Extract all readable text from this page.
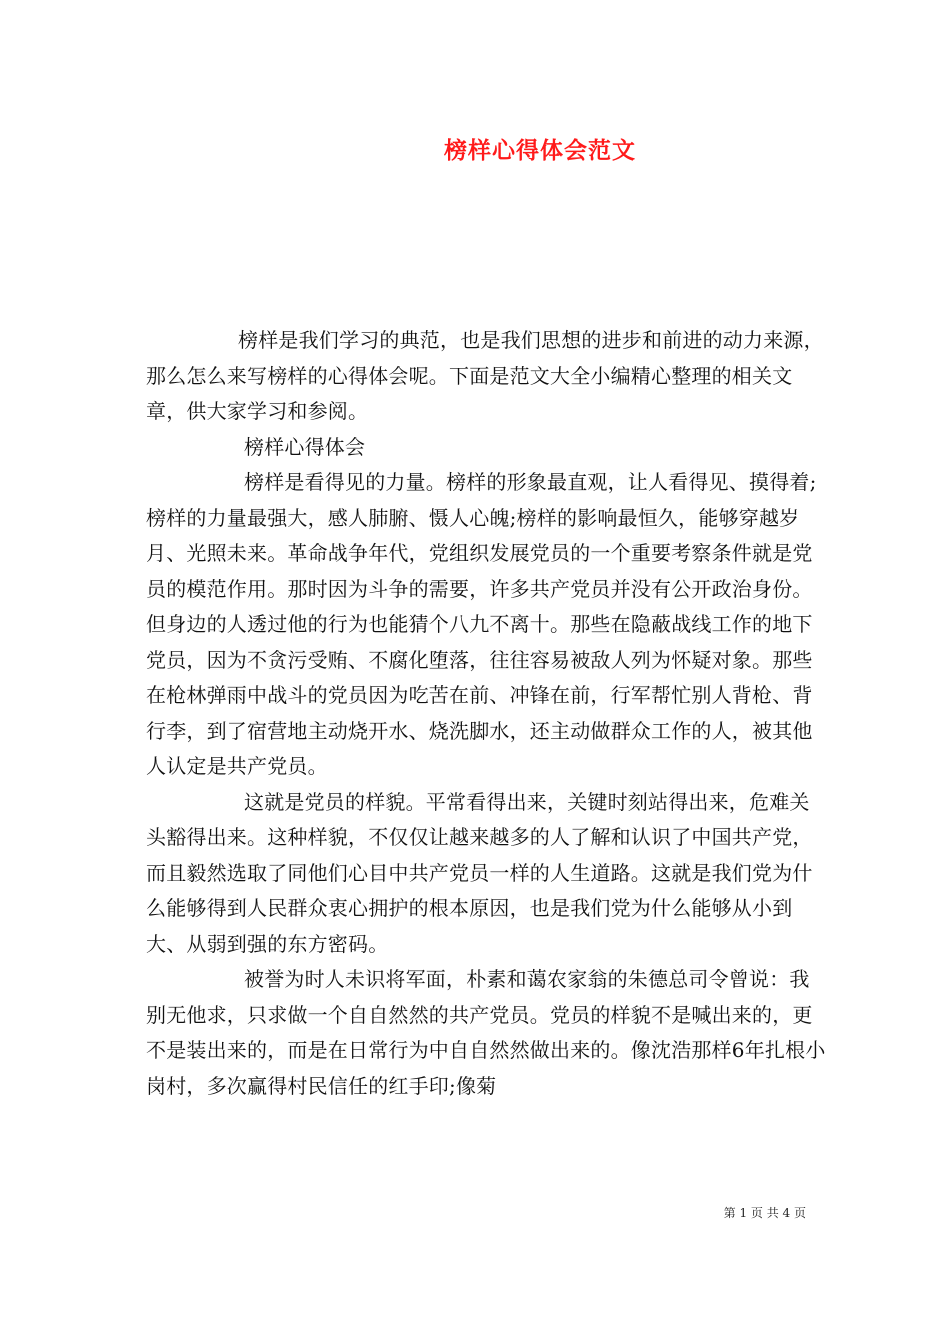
榜样心得体会范文

榜样是我们学习的典范，也是我们思想的进步和前进的动力来源，那么怎么来写榜样的心得体会呢。下面是范文大全小编精心整理的相关文章，供大家学习和参阅。

榜样心得体会

榜样是看得见的力量。榜样的形象最直观，让人看得见、摸得着;榜样的力量最强大，感人肺腑、慑人心魄;榜样的影响最恒久，能够穿越岁月、光照未来。革命战争年代，党组织发展党员的一个重要考察条件就是党员的模范作用。那时因为斗争的需要，许多共产党员并没有公开政治身份。但身边的人透过他的行为也能猜个八九不离十。那些在隐蔽战线工作的地下党员，因为不贪污受贿、不腐化堕落，往往容易被敌人列为怀疑对象。那些在枪林弹雨中战斗的党员因为吃苦在前、冲锋在前，行军帮忙别人背枪、背行李，到了宿营地主动烧开水、烧洗脚水，还主动做群众工作的人，被其他人认定是共产党员。

这就是党员的样貌。平常看得出来，关键时刻站得出来，危难关头豁得出来。这种样貌，不仅仅让越来越多的人了解和认识了中国共产党，而且毅然选取了同他们心目中共产党员一样的人生道路。这就是我们党为什么能够得到人民群众衷心拥护的根本原因，也是我们党为什么能够从小到大、从弱到强的东方密码。

被誉为时人未识将军面，朴素和蔼农家翁的朱德总司令曾说：我别无他求，只求做一个自自然然的共产党员。党员的样貌不是喊出来的，更不是装出来的，而是在日常行为中自自然然做出来的。像沈浩那样6年扎根小岗村，多次赢得村民信任的红手印;像菊

第 1 页 共 4 页
